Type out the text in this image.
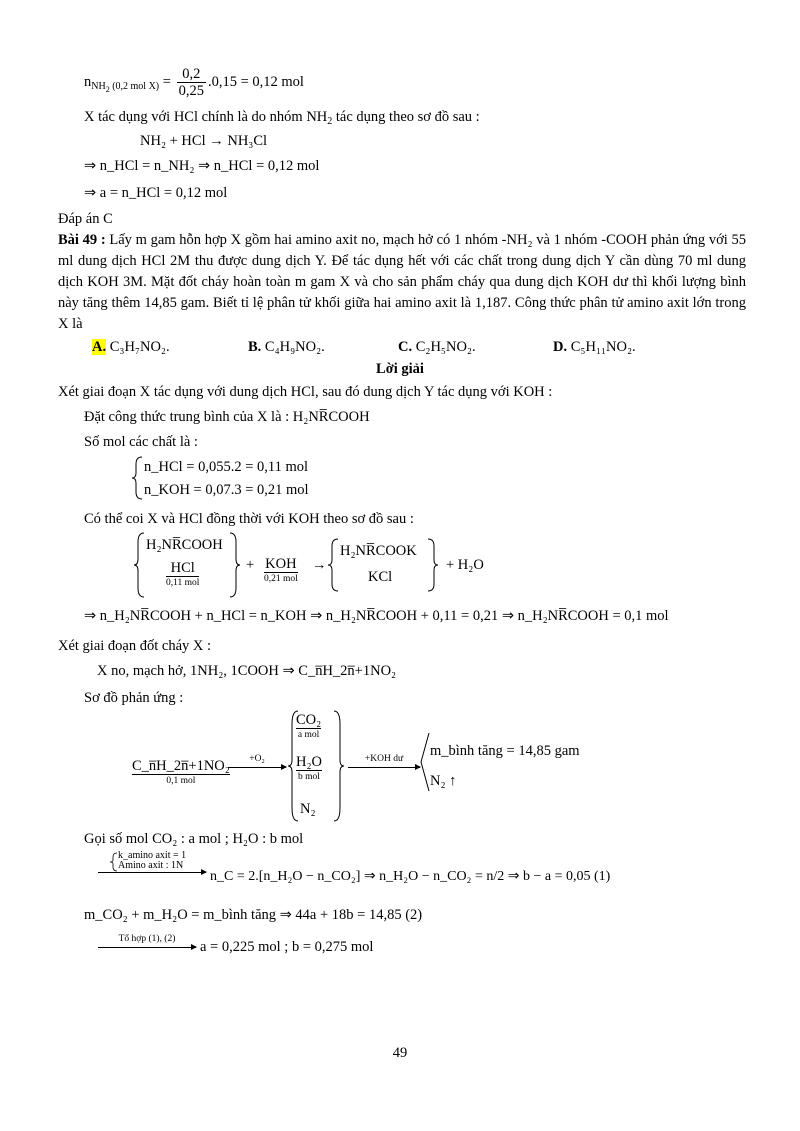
$n_{NH_2 (0,2 mol X)} = \frac{0,2}{0,25} .0,15 = 0,12$ mol
X tác dụng với HCl chính là do nhóm $NH_2$ tác dụng theo sơ đồ sau :
NH₂ + HCl → NH₃Cl
⇒ n_HCl = n_NH₂ ⇒ n_HCl = 0,12 mol
⇒ a = n_HCl = 0,12 mol
Đáp án C
Bài 49 : Lấy m gam hỗn hợp X gồm hai amino axit no, mạch hở có 1 nhóm -NH₂ và 1 nhóm -COOH phản ứng với 55 ml dung dịch HCl 2M thu được dung dịch Y. Để tác dụng hết với các chất trong dung dịch Y cần dùng 70 ml dung dịch KOH 3M. Mặt đốt cháy hoàn toàn m gam X và cho sản phẩm cháy qua dung dịch KOH dư thì khối lượng bình này tăng thêm 14,85 gam. Biết tỉ lệ phân tử khối giữa hai amino axit là 1,187. Công thức phân tử amino axit lớn trong X là
A. C₃H₇NO₂.	B. C₄H₉NO₂.	C. C₂H₅NO₂.	D. C₅H₁₁NO₂.
Lời giải
Xét giai đoạn X tác dụng với dung dịch HCl, sau đó dung dịch Y tác dụng với KOH :
Đặt công thức trung bình của X là : H₂NR̅COOH
Số mol các chất là :
n_HCl = 0,055.2 = 0,11 mol
n_KOH = 0,07.3 = 0,21 mol
Có thể coi X và HCl đồng thời với KOH theo sơ đồ sau :
H₂NR̅COOH
HCl
0,11 mol
+ KOH
0,21 mol
→
H₂NR̅COOK
KCl
+ H₂O
⇒ n_H₂NR̅COOH + n_HCl = n_KOH ⇒ n_H₂NR̅COOH + 0,11 = 0,21 ⇒ n_H₂NR̅COOH = 0,1 mol
Xét giai đoạn đốt cháy X :
X no, mạch hở, 1NH₂, 1COOH ⇒ C_n̅H_2n̅+1NO₂
Sơ đồ phản ứng :
C_n̅H_2n̅+1NO₂
0,1 mol
+O₂
CO₂
a mol
H₂O
b mol
N₂
+KOH dư	m_bình tăng = 14,85 gam
N₂ ↑
Gọi số mol CO₂ : a mol ; H₂O : b mol
k_amino axit = 1
Amino axit : 1N
n_C = 2.[n_H₂O − n_CO₂] ⇒ n_H₂O − n_CO₂ = n/2 ⇒ b − a = 0,05 (1)
m_CO₂ + m_H₂O = m_bình tăng ⇒ 44a + 18b = 14,85 (2)
Tổ hợp (1), (2)	a = 0,225 mol ; b = 0,275 mol
49
